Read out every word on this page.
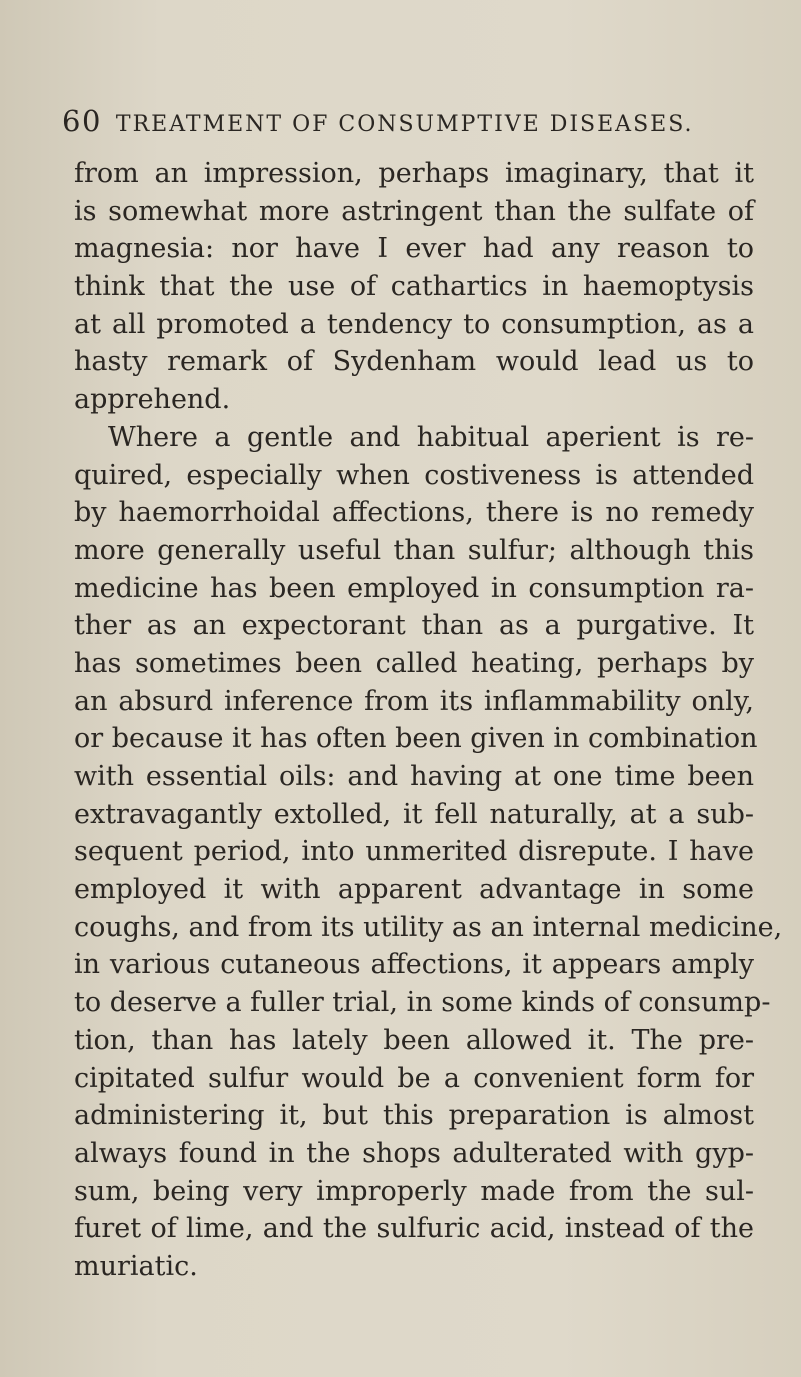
60 TREATMENT OF CONSUMPTIVE DISEASES.
from an impression, perhaps imaginary, that it
is somewhat more astringent than the sulfate of
magnesia: nor have I ever had any reason to
think that the use of cathartics in haemoptysis
at all promoted a tendency to consumption, as a
hasty remark of Sydenham would lead us to
apprehend.
Where a gentle and habitual aperient is re-
quired, especially when costiveness is attended
by haemorrhoidal affections, there is no remedy
more generally useful than sulfur; although this
medicine has been employed in consumption ra-
ther as an expectorant than as a purgative. It
has sometimes been called heating, perhaps by
an absurd inference from its inflammability only,
or because it has often been given in combination
with essential oils: and having at one time been
extravagantly extolled, it fell naturally, at a sub-
sequent period, into unmerited disrepute. I have
employed it with apparent advantage in some
coughs, and from its utility as an internal medicine,
in various cutaneous affections, it appears amply
to deserve a fuller trial, in some kinds of consump-
tion, than has lately been allowed it. The pre-
cipitated sulfur would be a convenient form for
administering it, but this preparation is almost
always found in the shops adulterated with gyp-
sum, being very improperly made from the sul-
furet of lime, and the sulfuric acid, instead of the
muriatic.
